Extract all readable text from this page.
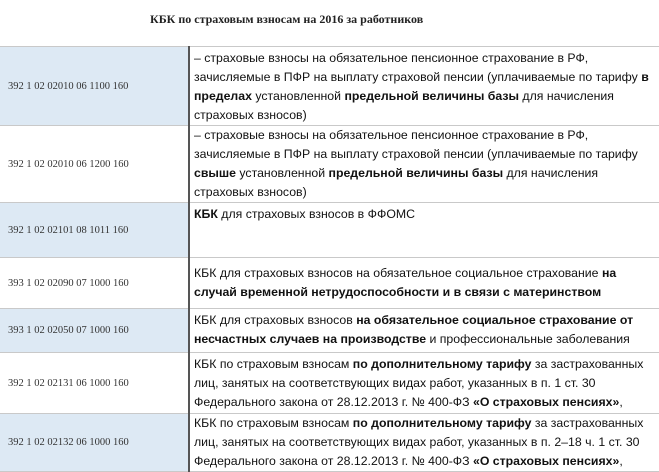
КБК по страховым взносам на 2016 за работников
392 1 02 02010 06 1100 160	– страховые взносы на обязательное пенсионное страхование в РФ, зачисляемые в ПФР на выплату страховой пенсии (уплачиваемые по тарифу в пределах установленной предельной величины базы для начисления страховых взносов)
392 1 02 02010 06 1200 160	– страховые взносы на обязательное пенсионное страхование в РФ, зачисляемые в ПФР на выплату страховой пенсии (уплачиваемые по тарифу свыше установленной предельной величины базы для начисления страховых взносов)
392 1 02 02101 08 1011 160	КБК для страховых взносов в ФФОМС
393 1 02 02090 07 1000 160	КБК для страховых взносов на обязательное социальное страхование на случай временной нетрудоспособности и в связи с материнством
393 1 02 02050 07 1000 160	КБК для страховых взносов на обязательное социальное страхование от несчастных случаев на производстве и профессиональные заболевания
392 1 02 02131 06 1000 160	КБК по страховым взносам по дополнительному тарифу за застрахованных лиц, занятых на соответствующих видах работ, указанных в п. 1 ст. 30 Федерального закона от 28.12.2013 г. № 400-ФЗ «О страховых пенсиях»,
392 1 02 02132 06 1000 160	КБК по страховым взносам по дополнительному тарифу за застрахованных лиц, занятых на соответствующих видах работ, указанных в п. 2–18 ч. 1 ст. 30 Федерального закона от 28.12.2013 г. № 400-ФЗ «О страховых пенсиях»,
